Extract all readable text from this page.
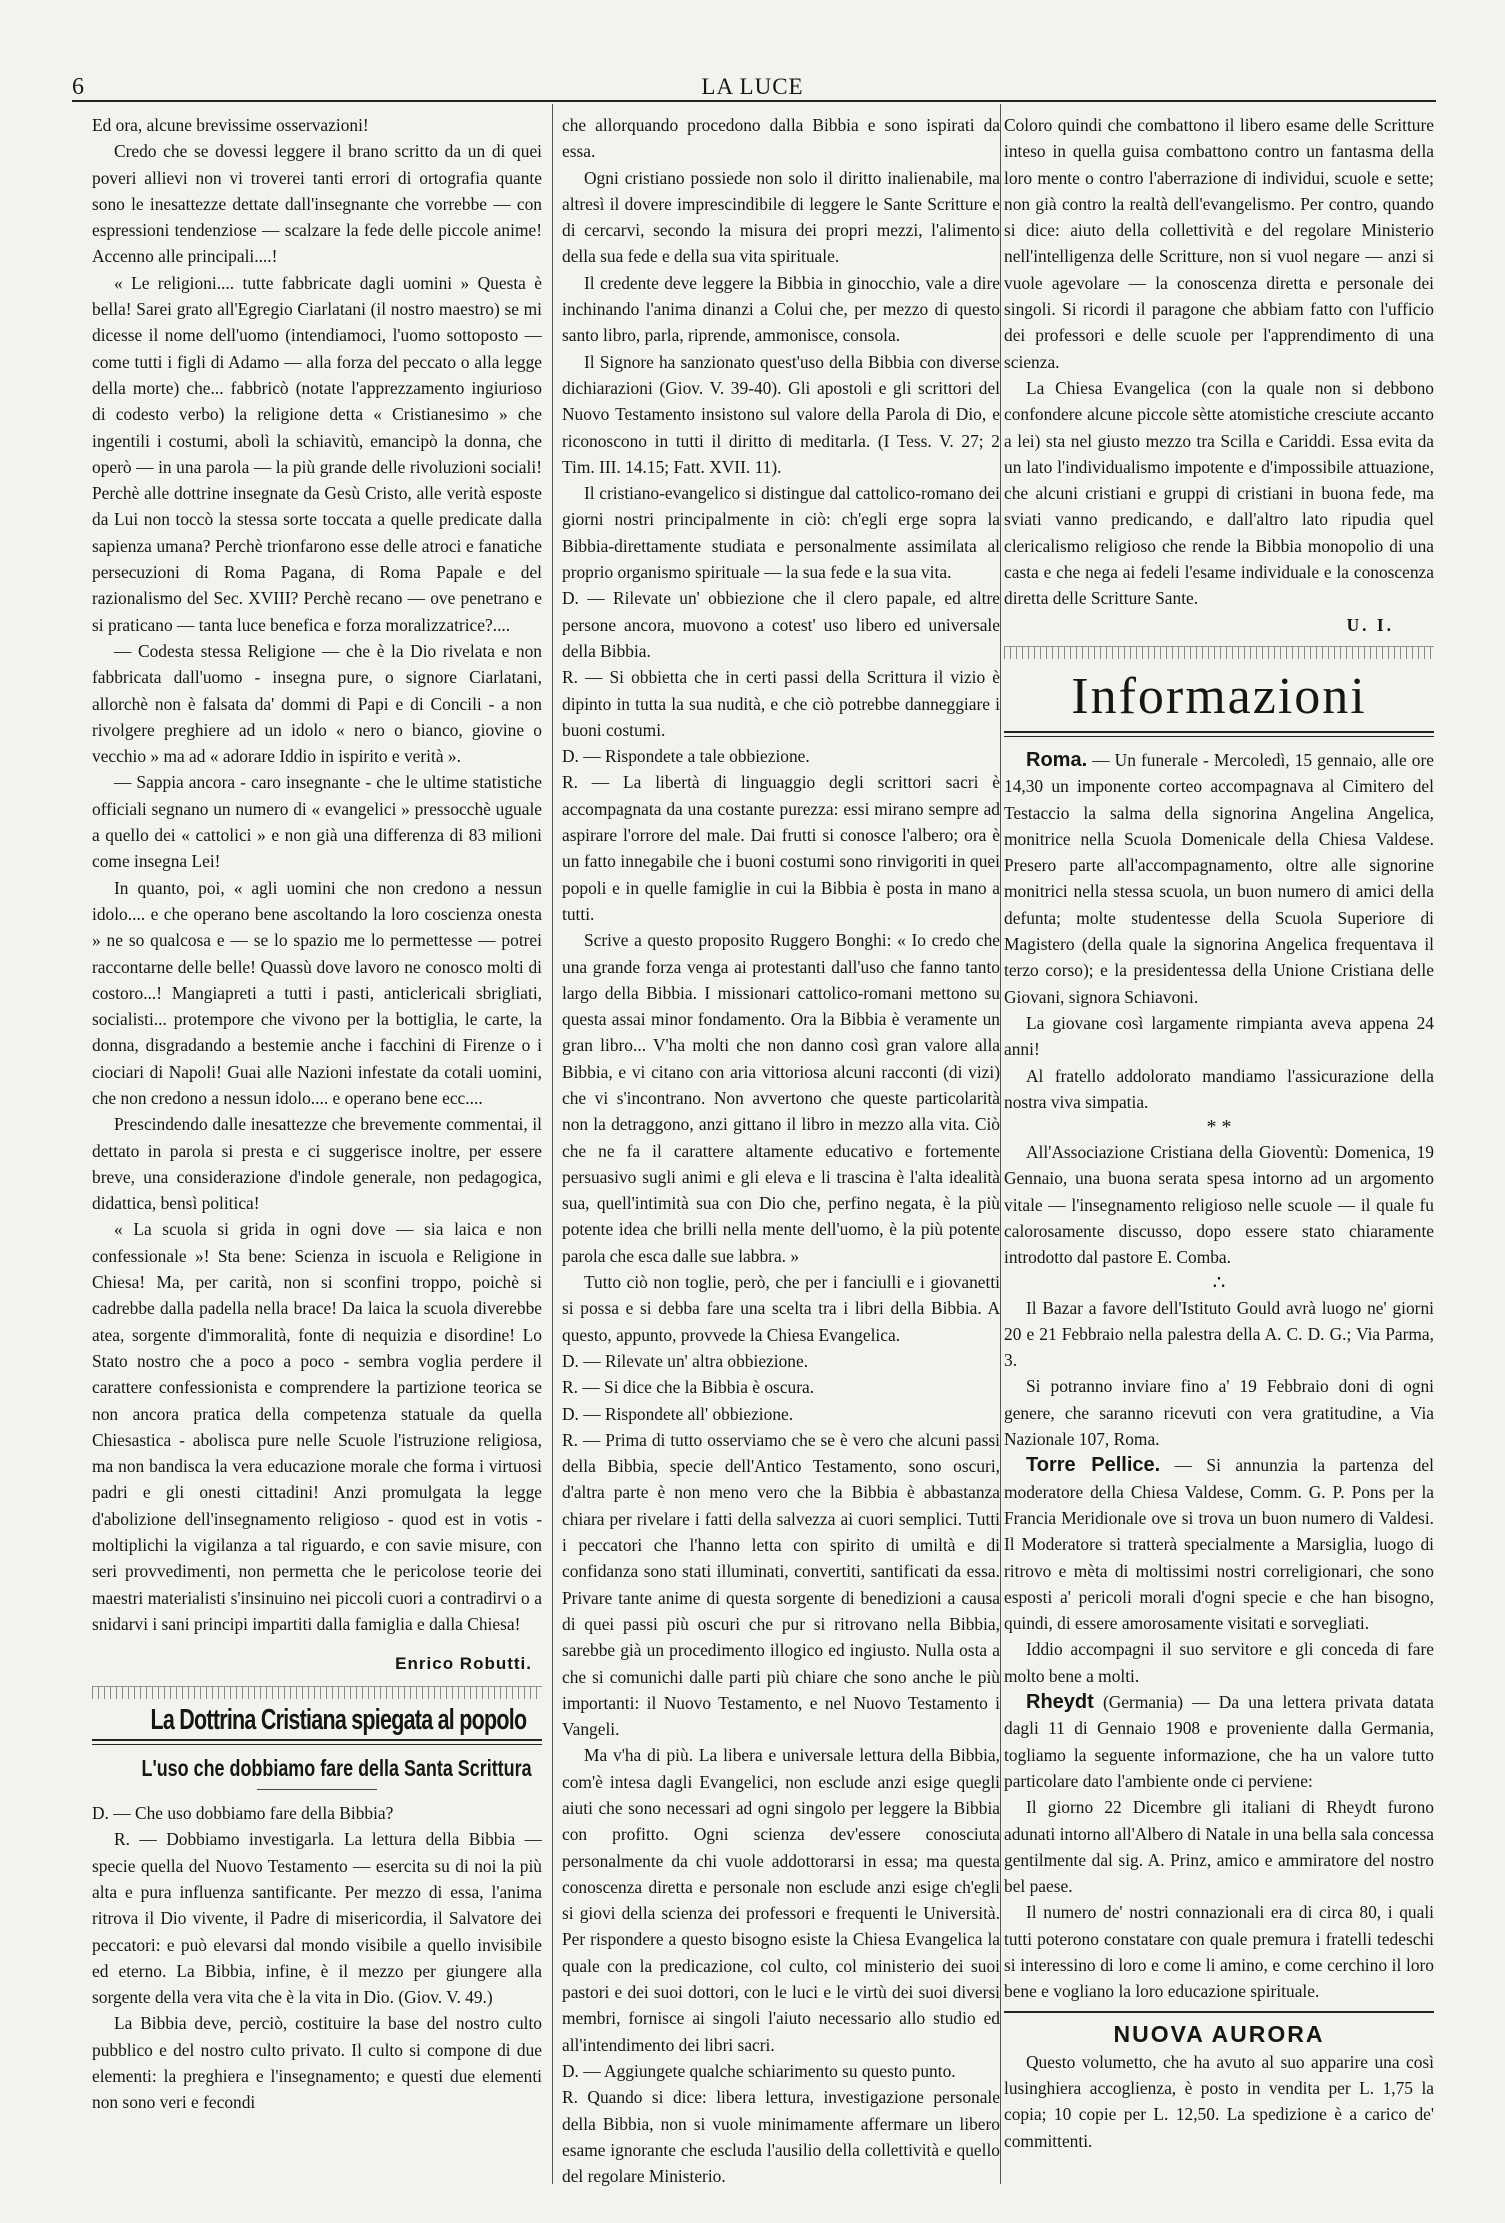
6	LA LUCE

Ed ora, alcune brevissime osservazioni!

Credo che se dovessi leggere il brano scritto da un di quei poveri allievi non vi troverei tanti errori di ortografia quante sono le inesattezze dettate dall'insegnante che vorrebbe — con espressioni tendenziose — scalzare la fede delle piccole anime! Accenno alle principali....!

« Le religioni.... tutte fabbricate dagli uomini » Questa è bella! Sarei grato all'Egregio Ciarlatani (il nostro maestro) se mi dicesse il nome dell'uomo (intendiamoci, l'uomo sottoposto — come tutti i figli di Adamo — alla forza del peccato o alla legge della morte) che... fabbricò (notate l'apprezzamento ingiurioso di codesto verbo) la religione detta « Cristianesimo » che ingentili i costumi, abolì la schiavitù, emancipò la donna, che operò — in una parola — la più grande delle rivoluzioni sociali! Perchè alle dottrine insegnate da Gesù Cristo, alle verità esposte da Lui non toccò la stessa sorte toccata a quelle predicate dalla sapienza umana? Perchè trionfarono esse delle atroci e fanatiche persecuzioni di Roma Pagana, di Roma Papale e del razionalismo del Sec. XVIII? Perchè recano — ove penetrano e si praticano — tanta luce benefica e forza moralizzatrice?....

— Codesta stessa Religione — che è la Dio rivelata e non fabbricata dall'uomo - insegna pure, o signore Ciarlatani, allorchè non è falsata da' dommi di Papi e di Concili - a non rivolgere preghiere ad un idolo « nero o bianco, giovine o vecchio » ma ad « adorare Iddio in ispirito e verità ».

— Sappia ancora - caro insegnante - che le ultime statistiche officiali segnano un numero di « evangelici » pressocchè uguale a quello dei « cattolici » e non già una differenza di 83 milioni come insegna Lei!

In quanto, poi, « agli uomini che non credono a nessun idolo.... e che operano bene ascoltando la loro coscienza onesta » ne so qualcosa e — se lo spazio me lo permettesse — potrei raccontarne delle belle! Quassù dove lavoro ne conosco molti di costoro...! Mangiapreti a tutti i pasti, anticlericali sbrigliati, socialisti... protempore che vivono per la bottiglia, le carte, la donna, disgradando a bestemie anche i facchini di Firenze o i ciociari di Napoli! Guai alle Nazioni infestate da cotali uomini, che non credono a nessun idolo.... e operano bene ecc....

Prescindendo dalle inesattezze che brevemente commentai, il dettato in parola si presta e ci suggerisce inoltre, per essere breve, una considerazione d'indole generale, non pedagogica, didattica, bensì politica!

« La scuola si grida in ogni dove — sia laica e non confessionale »! Sta bene: Scienza in iscuola e Religione in Chiesa! Ma, per carità, non si sconfini troppo, poichè si cadrebbe dalla padella nella brace! Da laica la scuola diverebbe atea, sorgente d'immoralità, fonte di nequizia e disordine! Lo Stato nostro che a poco a poco - sembra voglia perdere il carattere confessionista e comprendere la partizione teorica se non ancora pratica della competenza statuale da quella Chiesastica - abolisca pure nelle Scuole l'istruzione religiosa, ma non bandisca la vera educazione morale che forma i virtuosi padri e gli onesti cittadini! Anzi promulgata la legge d'abolizione dell'insegnamento religioso - quod est in votis - moltiplichi la vigilanza a tal riguardo, e con savie misure, con seri provvedimenti, non permetta che le pericolose teorie dei maestri materialisti s'insinuino nei piccoli cuori a contradirvi o a snidarvi i sani principi impartiti dalla famiglia e dalla Chiesa!

Enrico Robutti.
La Dottrina Cristiana spiegata al popolo
L'uso che dobbiamo fare della Santa Scrittura

D. — Che uso dobbiamo fare della Bibbia?

R. — Dobbiamo investigarla. La lettura della Bibbia — specie quella del Nuovo Testamento — esercita su di noi la più alta e pura influenza santificante. Per mezzo di essa, l'anima ritrova il Dio vivente, il Padre di misericordia, il Salvatore dei peccatori: e può elevarsi dal mondo visibile a quello invisibile ed eterno. La Bibbia, infine, è il mezzo per giungere alla sorgente della vera vita che è la vita in Dio. (Giov. V. 49.)

La Bibbia deve, perciò, costituire la base del nostro culto pubblico e del nostro culto privato. Il culto si compone di due elementi: la preghiera e l'insegnamento; e questi due elementi non sono veri e fecondi

che allorquando procedono dalla Bibbia e sono ispirati da essa.

Ogni cristiano possiede non solo il diritto inalienabile, ma altresì il dovere imprescindibile di leggere le Sante Scritture e di cercarvi, secondo la misura dei propri mezzi, l'alimento della sua fede e della sua vita spirituale.

Il credente deve leggere la Bibbia in ginocchio, vale a dire inchinando l'anima dinanzi a Colui che, per mezzo di questo santo libro, parla, riprende, ammonisce, consola.

Il Signore ha sanzionato quest'uso della Bibbia con diverse dichiarazioni (Giov. V. 39-40). Gli apostoli e gli scrittori del Nuovo Testamento insistono sul valore della Parola di Dio, e riconoscono in tutti il diritto di meditarla. (I Tess. V. 27; 2 Tim. III. 14.15; Fatt. XVII. 11).

Il cristiano-evangelico si distingue dal cattolico-romano dei giorni nostri principalmente in ciò: ch'egli erge sopra la Bibbia-direttamente studiata e personalmente assimilata al proprio organismo spirituale — la sua fede e la sua vita.

D. — Rilevate un' obbiezione che il clero papale, ed altre persone ancora, muovono a cotest' uso libero ed universale della Bibbia.

R. — Si obbietta che in certi passi della Scrittura il vizio è dipinto in tutta la sua nudità, e che ciò potrebbe danneggiare i buoni costumi.

D. — Rispondete a tale obbiezione.

R. — La libertà di linguaggio degli scrittori sacri è accompagnata da una costante purezza: essi mirano sempre ad aspirare l'orrore del male. Dai frutti si conosce l'albero; ora è un fatto innegabile che i buoni costumi sono rinvigoriti in quei popoli e in quelle famiglie in cui la Bibbia è posta in mano a tutti.

Scrive a questo proposito Ruggero Bonghi: « Io credo che una grande forza venga ai protestanti dall'uso che fanno tanto largo della Bibbia. I missionari cattolico-romani mettono su questa assai minor fondamento. Ora la Bibbia è veramente un gran libro... V'ha molti che non danno così gran valore alla Bibbia, e vi citano con aria vittoriosa alcuni racconti (di vizi) che vi s'incontrano. Non avvertono che queste particolarità non la detraggono, anzi gittano il libro in mezzo alla vita. Ciò che ne fa il carattere altamente educativo e fortemente persuasivo sugli animi e gli eleva e li trascina è l'alta idealità sua, quell'intimità sua con Dio che, perfino negata, è la più potente idea che brilli nella mente dell'uomo, è la più potente parola che esca dalle sue labbra. »

Tutto ciò non toglie, però, che per i fanciulli e i giovanetti si possa e si debba fare una scelta tra i libri della Bibbia. A questo, appunto, provvede la Chiesa Evangelica.

D. — Rilevate un' altra obbiezione.

R. — Si dice che la Bibbia è oscura.

D. — Rispondete all' obbiezione.

R. — Prima di tutto osserviamo che se è vero che alcuni passi della Bibbia, specie dell'Antico Testamento, sono oscuri, d'altra parte è non meno vero che la Bibbia è abbastanza chiara per rivelare i fatti della salvezza ai cuori semplici. Tutti i peccatori che l'hanno letta con spirito di umiltà e di confidanza sono stati illuminati, convertiti, santificati da essa. Privare tante anime di questa sorgente di benedizioni a causa di quei passi più oscuri che pur si ritrovano nella Bibbia, sarebbe già un procedimento illogico ed ingiusto. Nulla osta a che si comunichi dalle parti più chiare che sono anche le più importanti: il Nuovo Testamento, e nel Nuovo Testamento i Vangeli.

Ma v'ha di più. La libera e universale lettura della Bibbia, com'è intesa dagli Evangelici, non esclude anzi esige quegli aiuti che sono necessari ad ogni singolo per leggere la Bibbia con profitto. Ogni scienza dev'essere conosciuta personalmente da chi vuole addottorarsi in essa; ma questa conoscenza diretta e personale non esclude anzi esige ch'egli si giovi della scienza dei professori e frequenti le Università. Per rispondere a questo bisogno esiste la Chiesa Evangelica la quale con la predicazione, col culto, col ministerio dei suoi pastori e dei suoi dottori, con le luci e le virtù dei suoi diversi membri, fornisce ai singoli l'aiuto necessario allo studio ed all'intendimento dei libri sacri.

D. — Aggiungete qualche schiarimento su questo punto.

R. Quando si dice: libera lettura, investigazione personale della Bibbia, non si vuole minimamente affermare un libero esame ignorante che escluda l'ausilio della collettività e quello del regolare Ministerio.

Coloro quindi che combattono il libero esame delle Scritture inteso in quella guisa combattono contro un fantasma della loro mente o contro l'aberrazione di individui, scuole e sette; non già contro la realtà dell'evangelismo. Per contro, quando si dice: aiuto della collettività e del regolare Ministerio nell'intelligenza delle Scritture, non si vuol negare — anzi si vuole agevolare — la conoscenza diretta e personale dei singoli. Si ricordi il paragone che abbiam fatto con l'ufficio dei professori e delle scuole per l'apprendimento di una scienza.

La Chiesa Evangelica (con la quale non si debbono confondere alcune piccole sètte atomistiche cresciute accanto a lei) sta nel giusto mezzo tra Scilla e Cariddi. Essa evita da un lato l'individualismo impotente e d'impossibile attuazione, che alcuni cristiani e gruppi di cristiani in buona fede, ma sviati vanno predicando, e dall'altro lato ripudia quel clericalismo religioso che rende la Bibbia monopolio di una casta e che nega ai fedeli l'esame individuale e la conoscenza diretta delle Scritture Sante.

U. I.
Informazioni

Roma. — Un funerale - Mercoledì, 15 gennaio, alle ore 14,30 un imponente corteo accompagnava al Cimitero del Testaccio la salma della signorina Angelina Angelica, monitrice nella Scuola Domenicale della Chiesa Valdese. Presero parte all'accompagnamento, oltre alle signorine monitrici nella stessa scuola, un buon numero di amici della defunta; molte studentesse della Scuola Superiore di Magistero (della quale la signorina Angelica frequentava il terzo corso); e la presidentessa della Unione Cristiana delle Giovani, signora Schiavoni.

La giovane così largamente rimpianta aveva appena 24 anni!

Al fratello addolorato mandiamo l'assicurazione della nostra viva simpatia.

* *

All'Associazione Cristiana della Gioventù: Domenica, 19 Gennaio, una buona serata spesa intorno ad un argomento vitale — l'insegnamento religioso nelle scuole — il quale fu calorosamente discusso, dopo essere stato chiaramente introdotto dal pastore E. Comba.

∴

Il Bazar a favore dell'Istituto Gould avrà luogo ne' giorni 20 e 21 Febbraio nella palestra della A. C. D. G.; Via Parma, 3.

Si potranno inviare fino a' 19 Febbraio doni di ogni genere, che saranno ricevuti con vera gratitudine, a Via Nazionale 107, Roma.

Torre Pellice. — Si annunzia la partenza del moderatore della Chiesa Valdese, Comm. G. P. Pons per la Francia Meridionale ove si trova un buon numero di Valdesi. Il Moderatore si tratterà specialmente a Marsiglia, luogo di ritrovo e mèta di moltissimi nostri correligionari, che sono esposti a' pericoli morali d'ogni specie e che han bisogno, quindi, di essere amorosamente visitati e sorvegliati.

Iddio accompagni il suo servitore e gli conceda di fare molto bene a molti.

Rheydt (Germania) — Da una lettera privata datata dagli 11 di Gennaio 1908 e proveniente dalla Germania, togliamo la seguente informazione, che ha un valore tutto particolare dato l'ambiente onde ci perviene:

Il giorno 22 Dicembre gli italiani di Rheydt furono adunati intorno all'Albero di Natale in una bella sala concessa gentilmente dal sig. A. Prinz, amico e ammiratore del nostro bel paese.

Il numero de' nostri connazionali era di circa 80, i quali tutti poterono constatare con quale premura i fratelli tedeschi si interessino di loro e come li amino, e come cerchino il loro bene e vogliano la loro educazione spirituale.

NUOVA AURORA

Questo volumetto, che ha avuto al suo apparire una così lusinghiera accoglienza, è posto in vendita per L. 1,75 la copia; 10 copie per L. 12,50. La spedizione è a carico de' committenti.
